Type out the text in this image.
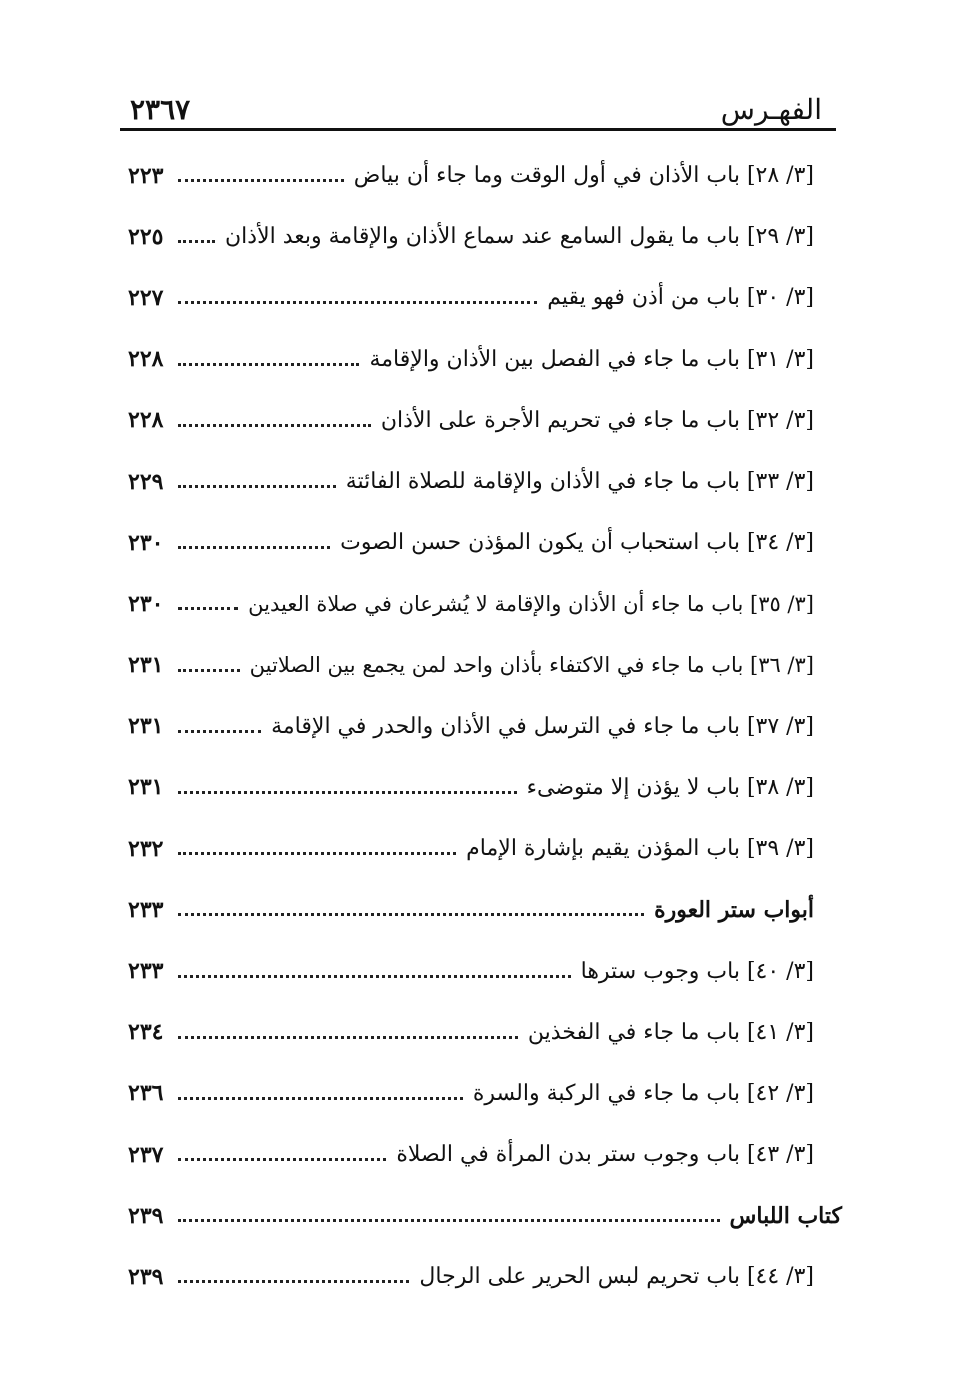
الفهـرس
٢٣٦٧
[٣/ ٢٨] باب الأذان في أول الوقت وما جاء أن بياض
٢٢٣
[٣/ ٢٩] باب ما يقول السامع عند سماع الأذان والإقامة وبعد الأذان
٢٢٥
[٣/ ٣٠] باب من أذن فهو يقيم
٢٢٧
[٣/ ٣١] باب ما جاء في الفصل بين الأذان والإقامة
٢٢٨
[٣/ ٣٢] باب ما جاء في تحريم الأجرة على الأذان
٢٢٨
[٣/ ٣٣] باب ما جاء في الأذان والإقامة للصلاة الفائتة
٢٢٩
[٣/ ٣٤] باب استحباب أن يكون المؤذن حسن الصوت
٢٣٠
[٣/ ٣٥] باب ما جاء أن الأذان والإقامة لا يُشرعان في صلاة العيدين
٢٣٠
[٣/ ٣٦] باب ما جاء في الاكتفاء بأذان واحد لمن يجمع بين الصلاتين
٢٣١
[٣/ ٣٧] باب ما جاء في الترسل في الأذان والحدر في الإقامة
٢٣١
[٣/ ٣٨] باب لا يؤذن إلا متوضىء
٢٣١
[٣/ ٣٩] باب المؤذن يقيم بإشارة الإمام
٢٣٢
أبواب ستر العورة
٢٣٣
[٣/ ٤٠] باب وجوب سترها
٢٣٣
[٣/ ٤١] باب ما جاء في الفخذين
٢٣٤
[٣/ ٤٢] باب ما جاء في الركبة والسرة
٢٣٦
[٣/ ٤٣] باب وجوب ستر بدن المرأة في الصلاة
٢٣٧
كتاب اللباس
٢٣٩
[٣/ ٤٤] باب تحريم لبس الحرير على الرجال
٢٣٩
